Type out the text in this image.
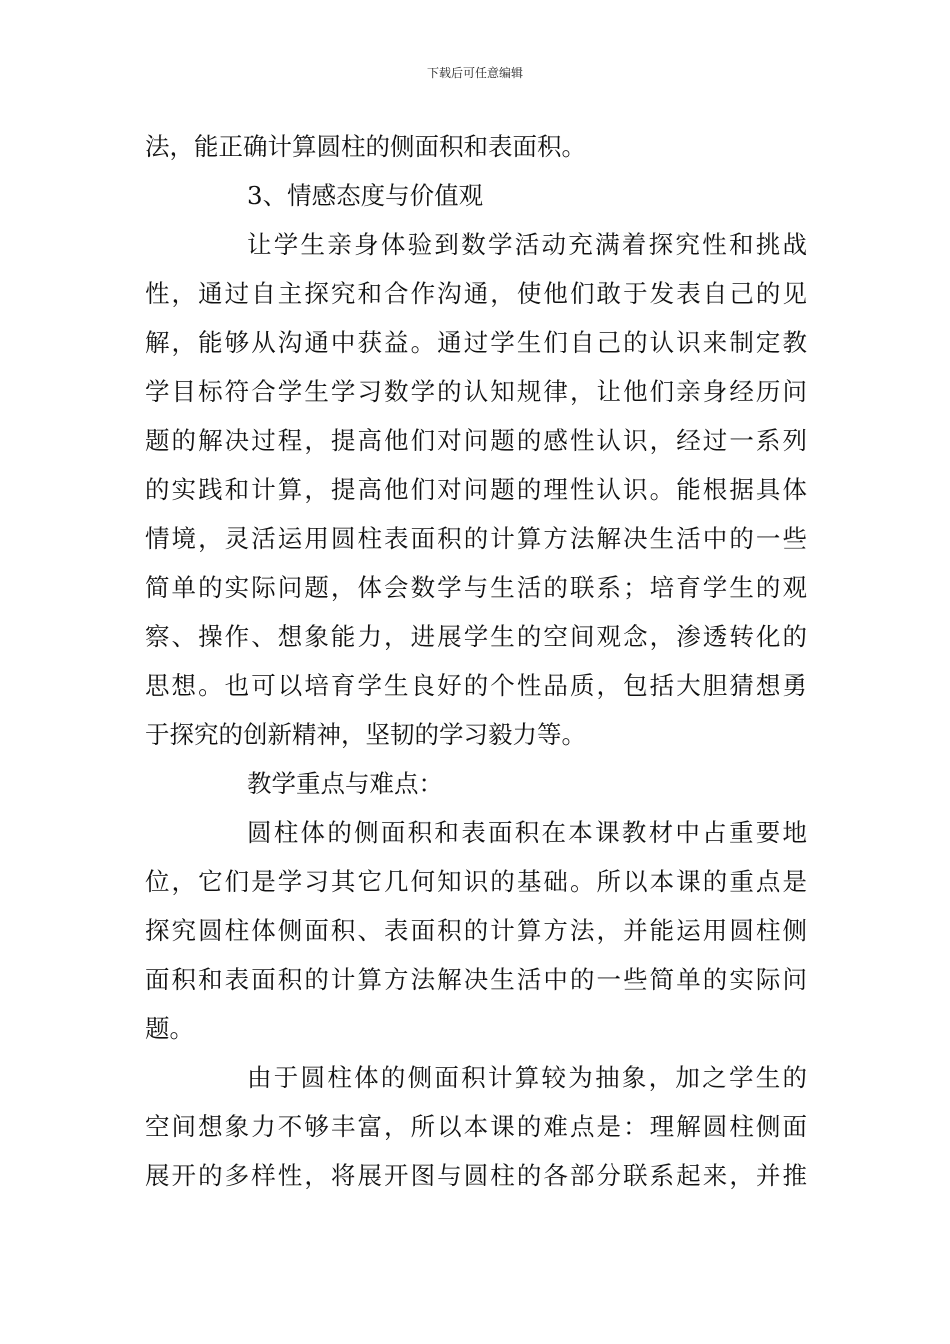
下载后可任意编辑
法，能正确计算圆柱的侧面积和表面积。
3、情感态度与价值观
让学生亲身体验到数学活动充满着探究性和挑战
性，通过自主探究和合作沟通，使他们敢于发表自己的见
解，能够从沟通中获益。通过学生们自己的认识来制定教
学目标符合学生学习数学的认知规律，让他们亲身经历问
题的解决过程，提高他们对问题的感性认识，经过一系列
的实践和计算，提高他们对问题的理性认识。能根据具体
情境，灵活运用圆柱表面积的计算方法解决生活中的一些
简单的实际问题，体会数学与生活的联系；培育学生的观
察、操作、想象能力，进展学生的空间观念，渗透转化的
思想。也可以培育学生良好的个性品质，包括大胆猜想勇
于探究的创新精神，坚韧的学习毅力等。
教学重点与难点：
圆柱体的侧面积和表面积在本课教材中占重要地
位，它们是学习其它几何知识的基础。所以本课的重点是
探究圆柱体侧面积、表面积的计算方法，并能运用圆柱侧
面积和表面积的计算方法解决生活中的一些简单的实际问
题。
由于圆柱体的侧面积计算较为抽象，加之学生的
空间想象力不够丰富，所以本课的难点是：理解圆柱侧面
展开的多样性，将展开图与圆柱的各部分联系起来，并推
